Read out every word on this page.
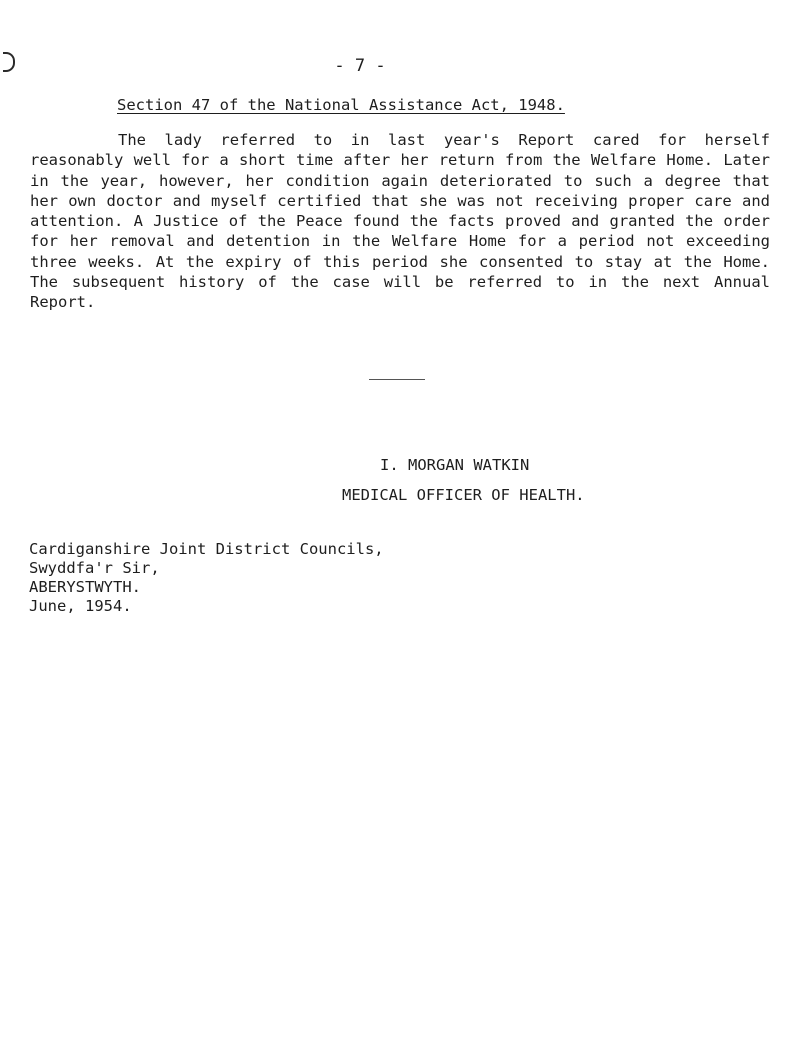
- 7 -
Section 47 of the National Assistance Act, 1948.

The lady referred to in last year's Report cared for herself reasonably well for a short time after her return from the Welfare Home. Later in the year, however, her condition again deteriorated to such a degree that her own doctor and myself certified that she was not receiving proper care and attention. A Justice of the Peace found the facts proved and granted the order for her removal and detention in the Welfare Home for a period not exceeding three weeks. At the expiry of this period she consented to stay at the Home. The subsequent history of the case will be referred to in the next Annual Report.

I. MORGAN WATKIN
MEDICAL OFFICER OF HEALTH.
Cardiganshire Joint District Councils,
Swyddfa'r Sir,
ABERYSTWYTH.
June, 1954.
